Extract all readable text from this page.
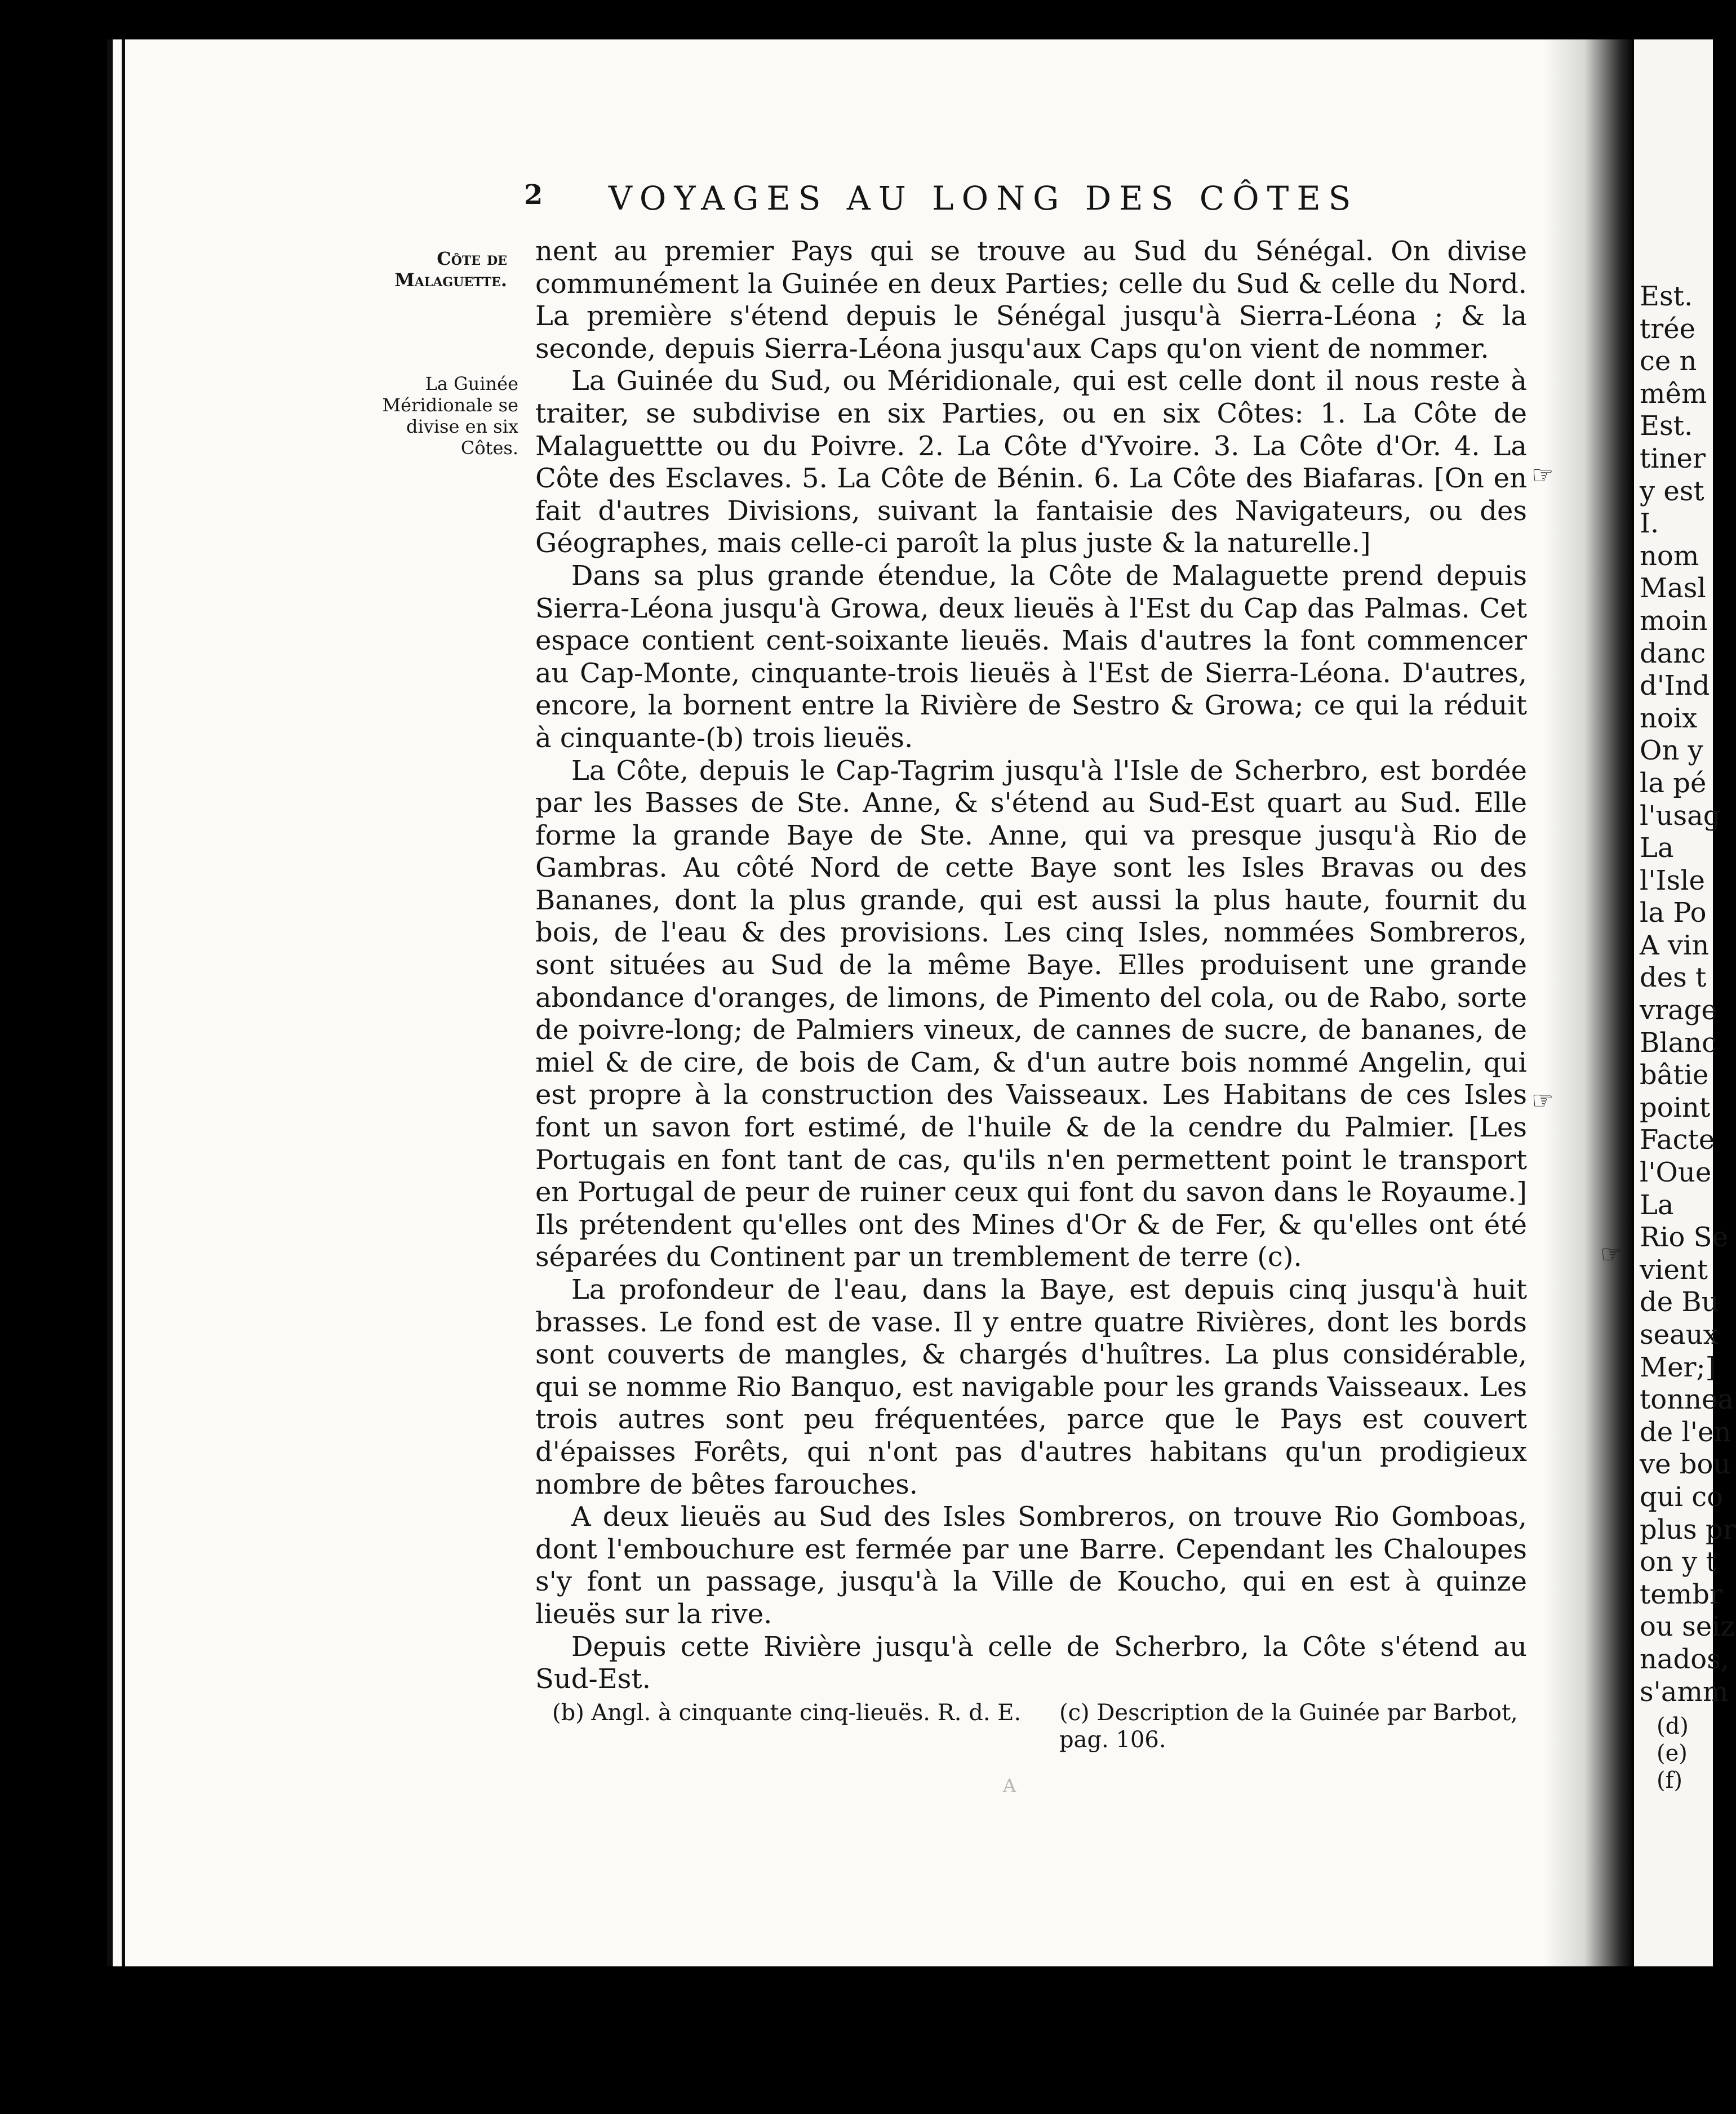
2 VOYAGES AU LONG DES CÔTES
Côte de Malaguette.
La Guinée Méridionale se divise en six Côtes.

nent au premier Pays qui se trouve au Sud du Sénégal. On divise communément la Guinée en deux Parties; celle du Sud & celle du Nord. La première s'étend depuis le Sénégal jusqu'à Sierra-Léona ; & la seconde, depuis Sierra-Léona jusqu'aux Caps qu'on vient de nommer.

La Guinée du Sud, ou Méridionale, qui est celle dont il nous reste à traiter, se subdivise en six Parties, ou en six Côtes: 1. La Côte de Malaguettte ou du Poivre. 2. La Côte d'Yvoire. 3. La Côte d'Or. 4. La Côte des Esclaves. 5. La Côte de Bénin. 6. La Côte des Biafaras. [On en fait d'autres Divisions, suivant la fantaisie des Navigateurs, ou des Géographes, mais celle-ci paroît la plus juste & la naturelle.]

Dans sa plus grande étendue, la Côte de Malaguette prend depuis Sierra-Léona jusqu'à Growa, deux lieuës à l'Est du Cap das Palmas. Cet espace contient cent-soixante lieuës. Mais d'autres la font commencer au Cap-Monte, cinquante-trois lieuës à l'Est de Sierra-Léona. D'autres, encore, la bornent entre la Rivière de Sestro & Growa; ce qui la réduit à cinquante-(b) trois lieuës.

La Côte, depuis le Cap-Tagrim jusqu'à l'Isle de Scherbro, est bordée par les Basses de Ste. Anne, & s'étend au Sud-Est quart au Sud. Elle forme la grande Baye de Ste. Anne, qui va presque jusqu'à Rio de Gambras. Au côté Nord de cette Baye sont les Isles Bravas ou des Bananes, dont la plus grande, qui est aussi la plus haute, fournit du bois, de l'eau & des provisions. Les cinq Isles, nommées Sombreros, sont situées au Sud de la même Baye. Elles produisent une grande abondance d'oranges, de limons, de Pimento del cola, ou de Rabo, sorte de poivre-long; de Palmiers vineux, de cannes de sucre, de bananes, de miel & de cire, de bois de Cam, & d'un autre bois nommé Angelin, qui est propre à la construction des Vaisseaux. Les Habitans de ces Isles font un savon fort estimé, de l'huile & de la cendre du Palmier. [Les Portugais en font tant de cas, qu'ils n'en permettent point le transport en Portugal de peur de ruiner ceux qui font du savon dans le Royaume.] Ils prétendent qu'elles ont des Mines d'Or & de Fer, & qu'elles ont été séparées du Continent par un tremblement de terre (c).

La profondeur de l'eau, dans la Baye, est depuis cinq jusqu'à huit brasses. Le fond est de vase. Il y entre quatre Rivières, dont les bords sont couverts de mangles, & chargés d'huîtres. La plus considérable, qui se nomme Rio Banquo, est navigable pour les grands Vaisseaux. Les trois autres sont peu fréquentées, parce que le Pays est couvert d'épaisses Forêts, qui n'ont pas d'autres habitans qu'un prodigieux nombre de bêtes farouches.

A deux lieuës au Sud des Isles Sombreros, on trouve Rio Gomboas, dont l'embouchure est fermée par une Barre. Cependant les Chaloupes s'y font un passage, jusqu'à la Ville de Koucho, qui en est à quinze lieuës sur la rive.

Depuis cette Rivière jusqu'à celle de Scherbro, la Côte s'étend au Sud-Est.

☞
☞
(b) Angl. à cinquante cinq-lieuës. R. d. E. (c) Description de la Guinée par Barbot, pag. 106.
A
Est.
trée
ce n
mêm
Est.
tiner
y est
I.
nom
Masl
moin
danc
d'Ind
noix
On y
la pé
l'usag
La
l'Isle
la Po
A vin
des t
vrage
Blanc
bâtie
point
Facte
l'Oue
La
Rio Se
vient
de Bu
seaux
Mer;]
tonnea
de l'en
ve bou
qui co
plus pr
on y t
tembr
ou seiz
nados,
s'amm
(d)
(e)
(f)
☞
